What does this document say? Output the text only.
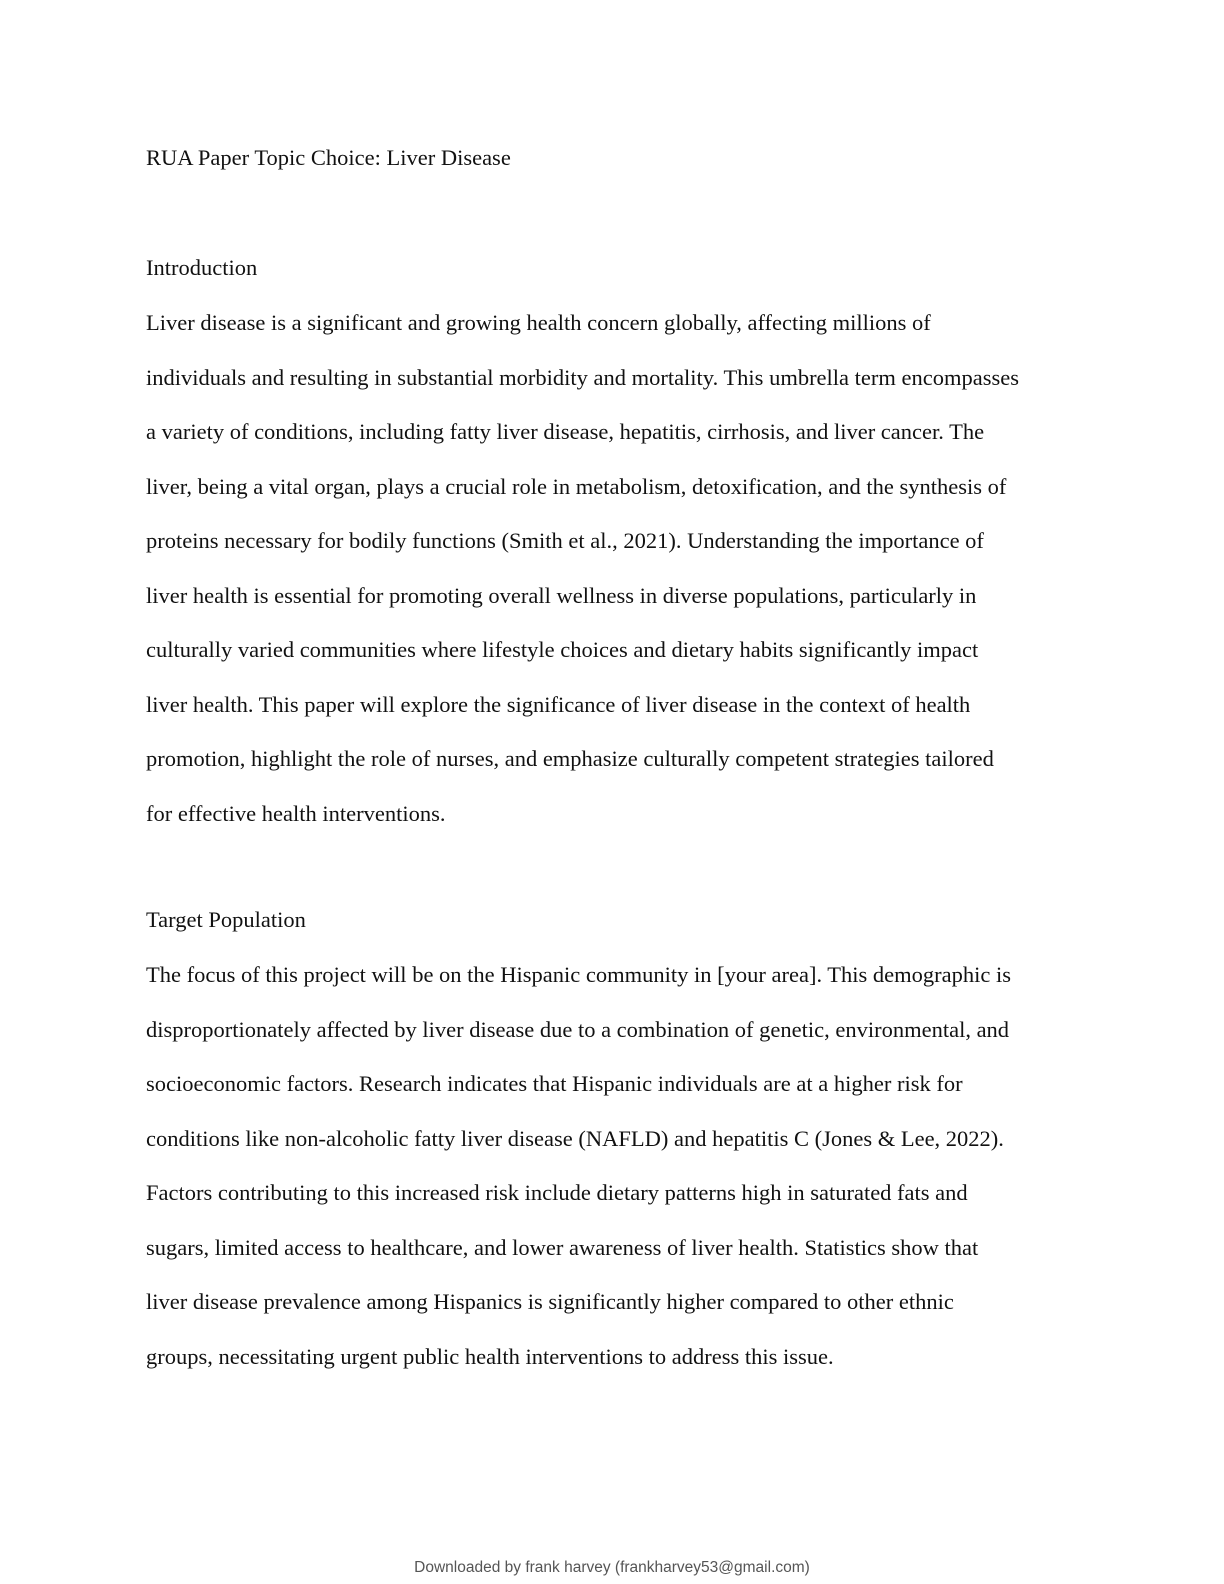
RUA Paper Topic Choice: Liver Disease
Introduction
Liver disease is a significant and growing health concern globally, affecting millions of
individuals and resulting in substantial morbidity and mortality. This umbrella term encompasses
a variety of conditions, including fatty liver disease, hepatitis, cirrhosis, and liver cancer. The
liver, being a vital organ, plays a crucial role in metabolism, detoxification, and the synthesis of
proteins necessary for bodily functions (Smith et al., 2021). Understanding the importance of
liver health is essential for promoting overall wellness in diverse populations, particularly in
culturally varied communities where lifestyle choices and dietary habits significantly impact
liver health. This paper will explore the significance of liver disease in the context of health
promotion, highlight the role of nurses, and emphasize culturally competent strategies tailored
for effective health interventions.
Target Population
The focus of this project will be on the Hispanic community in [your area]. This demographic is
disproportionately affected by liver disease due to a combination of genetic, environmental, and
socioeconomic factors. Research indicates that Hispanic individuals are at a higher risk for
conditions like non-alcoholic fatty liver disease (NAFLD) and hepatitis C (Jones & Lee, 2022).
Factors contributing to this increased risk include dietary patterns high in saturated fats and
sugars, limited access to healthcare, and lower awareness of liver health. Statistics show that
liver disease prevalence among Hispanics is significantly higher compared to other ethnic
groups, necessitating urgent public health interventions to address this issue.
Downloaded by frank harvey (frankharvey53@gmail.com)
